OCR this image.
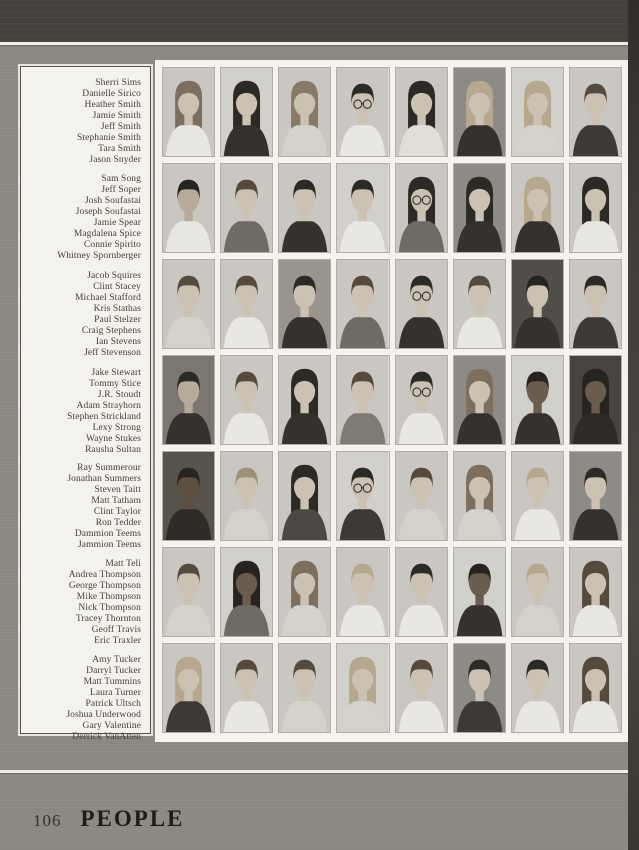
Sherri Sims
Danielle Sirico
Heather Smith
Jamie Smith
Jeff Smith
Stephanie Smith
Tara Smith
Jason Snyder
Sam Song
Jeff Soper
Josh Soufastai
Joseph Soufastai
Jamie Spear
Magdalena Spice
Connie Spirito
Whitney Spornberger
Jacob Squires
Clint Stacey
Michael Stafford
Kris Stathas
Paul Stelzer
Craig Stephens
Ian Stevens
Jeff Stevenson
Jake Stewart
Tommy Stice
J.R. Stoudt
Adam Strayhorn
Stephen Strickland
Lexy Strong
Wayne Stukes
Rausha Sultan
Ray Summerour
Jonathan Summers
Steven Taitt
Matt Tatham
Clint Taylor
Ron Tedder
Dammion Teems
Jammion Teems
Matt Teli
Andrea Thompson
George Thompson
Mike Thompson
Nick Thompson
Tracey Thornton
Geoff Travis
Eric Traxler
Amy Tucker
Darryl Tucker
Matt Tummins
Laura Turner
Patrick Ultsch
Joshua Underwood
Gary Valentine
Derrick VanAtten
106 PEOPLE
